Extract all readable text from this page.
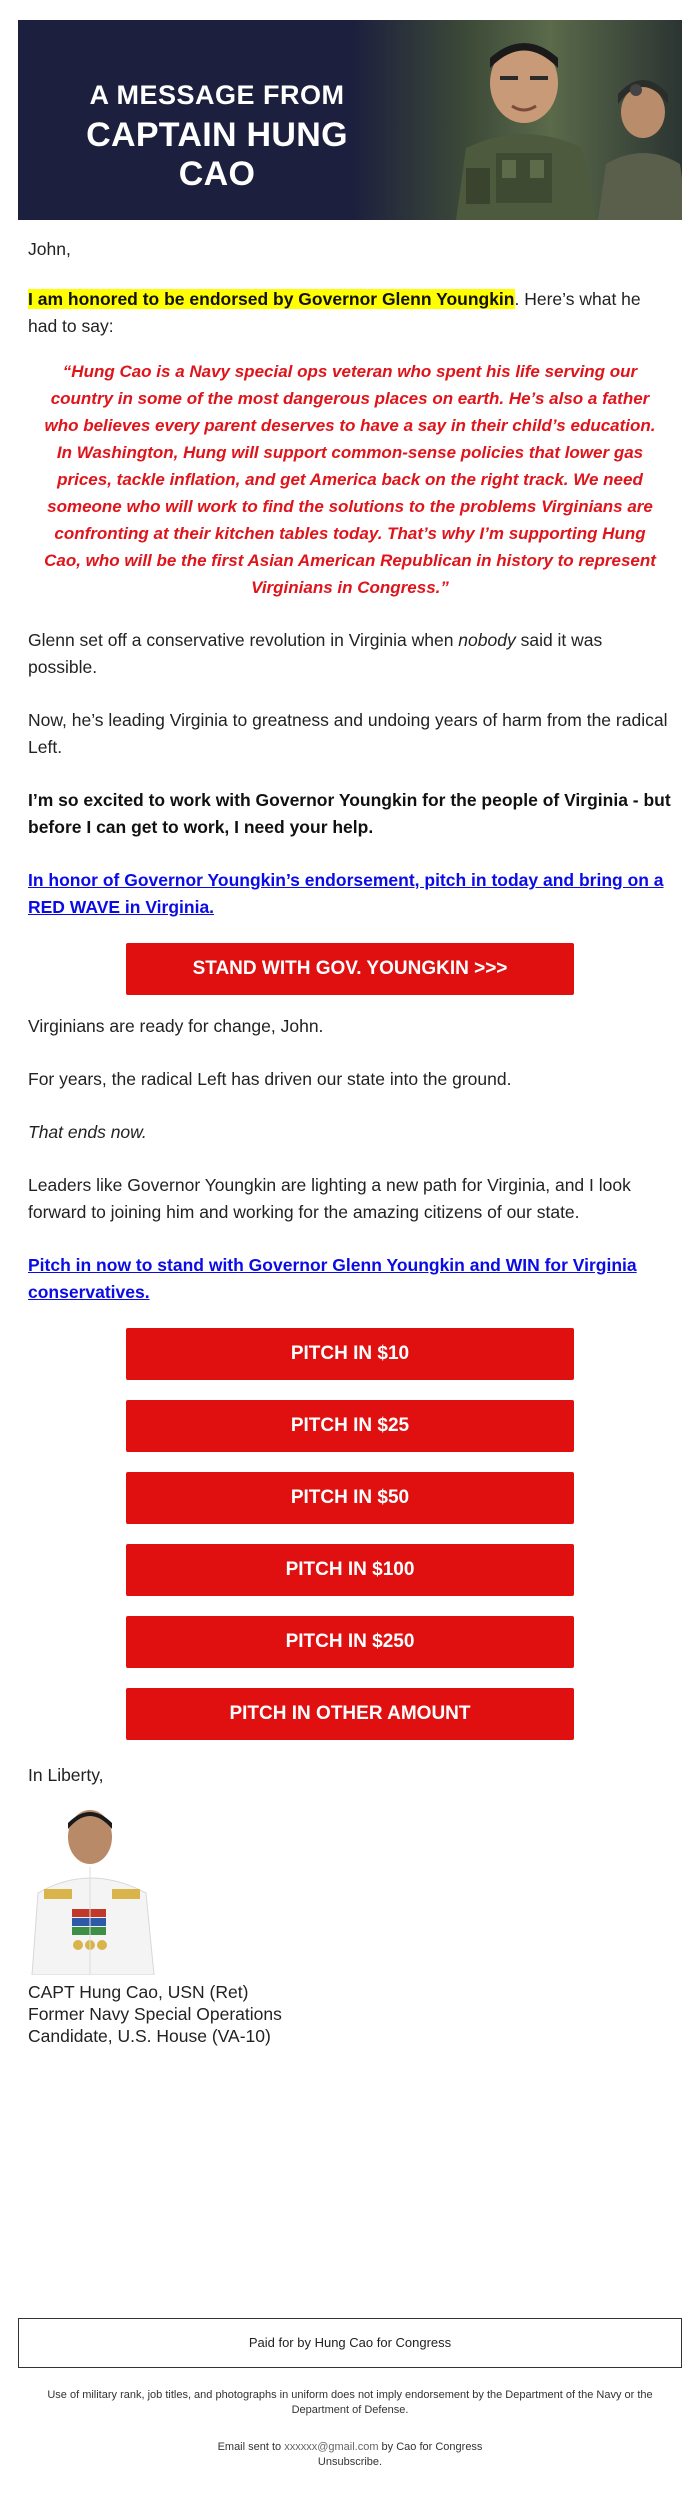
A MESSAGE FROM
CAPTAIN HUNG CAO

John,

I am honored to be endorsed by Governor Glenn Youngkin. Here’s what he had to say:

“Hung Cao is a Navy special ops veteran who spent his life serving our country in some of the most dangerous places on earth. He’s also a father who believes every parent deserves to have a say in their child’s education. In Washington, Hung will support common-sense policies that lower gas prices, tackle inflation, and get America back on the right track. We need someone who will work to find the solutions to the problems Virginians are confronting at their kitchen tables today. That’s why I’m supporting Hung Cao, who will be the first Asian American Republican in history to represent Virginians in Congress.”

Glenn set off a conservative revolution in Virginia when nobody said it was possible.

Now, he’s leading Virginia to greatness and undoing years of harm from the radical Left.

I’m so excited to work with Governor Youngkin for the people of Virginia - but before I can get to work, I need your help.

In honor of Governor Youngkin’s endorsement, pitch in today and bring on a RED WAVE in Virginia.

STAND WITH GOV. YOUNGKIN >>>

Virginians are ready for change, John.

For years, the radical Left has driven our state into the ground.

That ends now.

Leaders like Governor Youngkin are lighting a new path for Virginia, and I look forward to joining him and working for the amazing citizens of our state.

Pitch in now to stand with Governor Glenn Youngkin and WIN for Virginia conservatives.

PITCH IN $10
PITCH IN $25
PITCH IN $50
PITCH IN $100
PITCH IN $250
PITCH IN OTHER AMOUNT

In Liberty,

CAPT Hung Cao, USN (Ret)

Former Navy Special Operations

Candidate, U.S. House (VA-10)

Paid for by Hung Cao for Congress
Use of military rank, job titles, and photographs in uniform does not imply endorsement by the Department of the Navy or the Department of Defense.
Email sent to xxxxxx@gmail.com by Cao for Congress
Unsubscribe.
